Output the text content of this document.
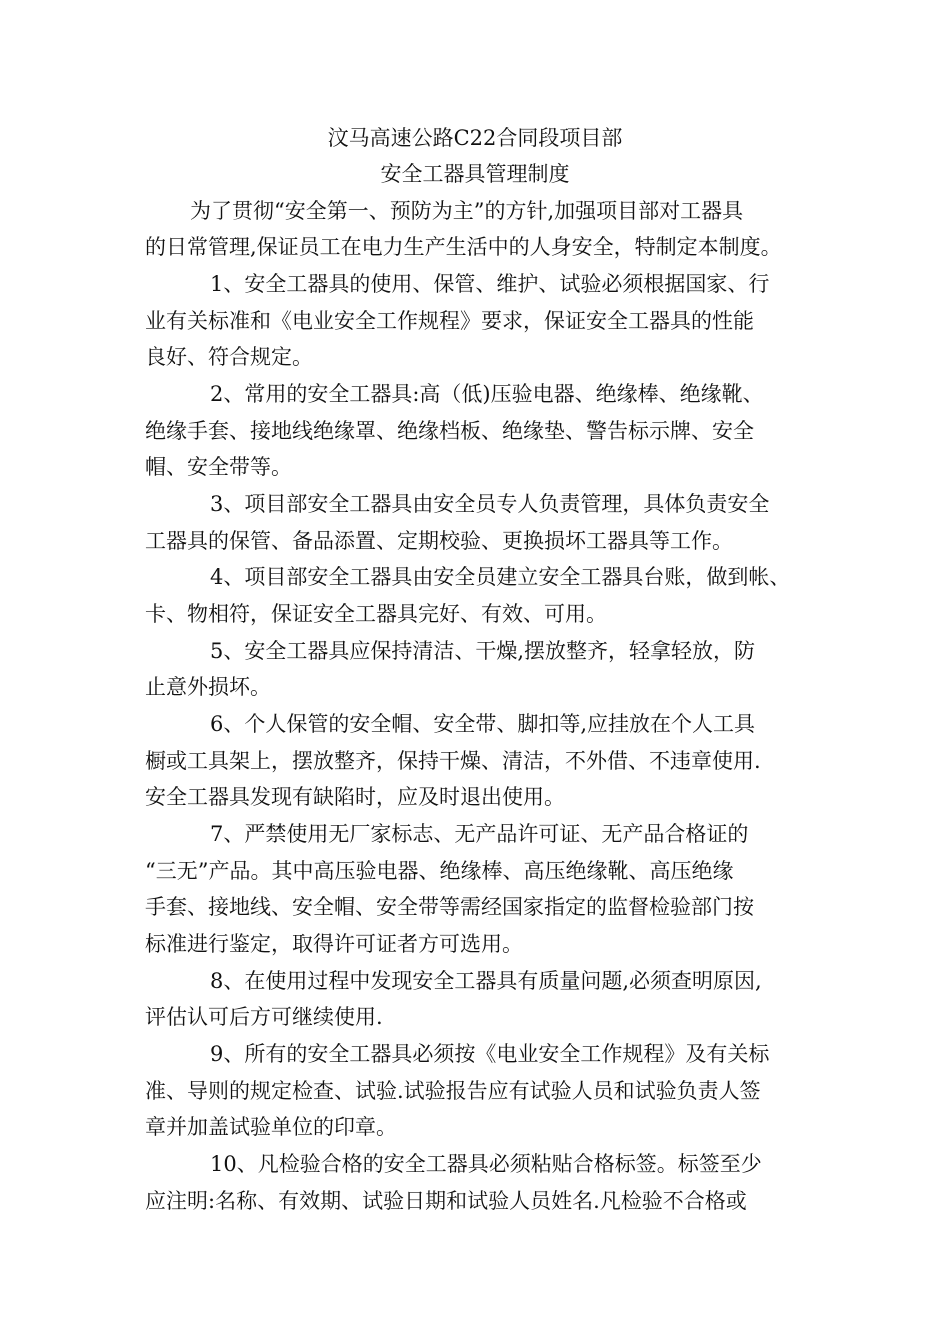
汶马高速公路C22合同段项目部
安全工器具管理制度
为了贯彻“安全第一、预防为主”的方针,加强项目部对工器具
的日常管理,保证员工在电力生产生活中的人身安全，特制定本制度。
1、安全工器具的使用、保管、维护、试验必须根据国家、行
业有关标准和《电业安全工作规程》要求，保证安全工器具的性能
良好、符合规定。
2、常用的安全工器具:高（低)压验电器、绝缘棒、绝缘靴、
绝缘手套、接地线绝缘罩、绝缘档板、绝缘垫、警告标示牌、安全
帽、安全带等。
3、项目部安全工器具由安全员专人负责管理，具体负责安全
工器具的保管、备品添置、定期校验、更换损坏工器具等工作。
4、项目部安全工器具由安全员建立安全工器具台账，做到帐、
卡、物相符，保证安全工器具完好、有效、可用。
5、安全工器具应保持清洁、干燥,摆放整齐，轻拿轻放，防
止意外损坏。
6、个人保管的安全帽、安全带、脚扣等,应挂放在个人工具
橱或工具架上，摆放整齐，保持干燥、清洁，不外借、不违章使用.
安全工器具发现有缺陷时，应及时退出使用。
7、严禁使用无厂家标志、无产品许可证、无产品合格证的
“三无”产品。其中高压验电器、绝缘棒、高压绝缘靴、高压绝缘
手套、接地线、安全帽、安全带等需经国家指定的监督检验部门按
标准进行鉴定，取得许可证者方可选用。
8、在使用过程中发现安全工器具有质量问题,必须查明原因,
评估认可后方可继续使用.
9、所有的安全工器具必须按《电业安全工作规程》及有关标
准、导则的规定检查、试验.试验报告应有试验人员和试验负责人签
章并加盖试验单位的印章。
10、凡检验合格的安全工器具必须粘贴合格标签。标签至少
应注明:名称、有效期、试验日期和试验人员姓名.凡检验不合格或
